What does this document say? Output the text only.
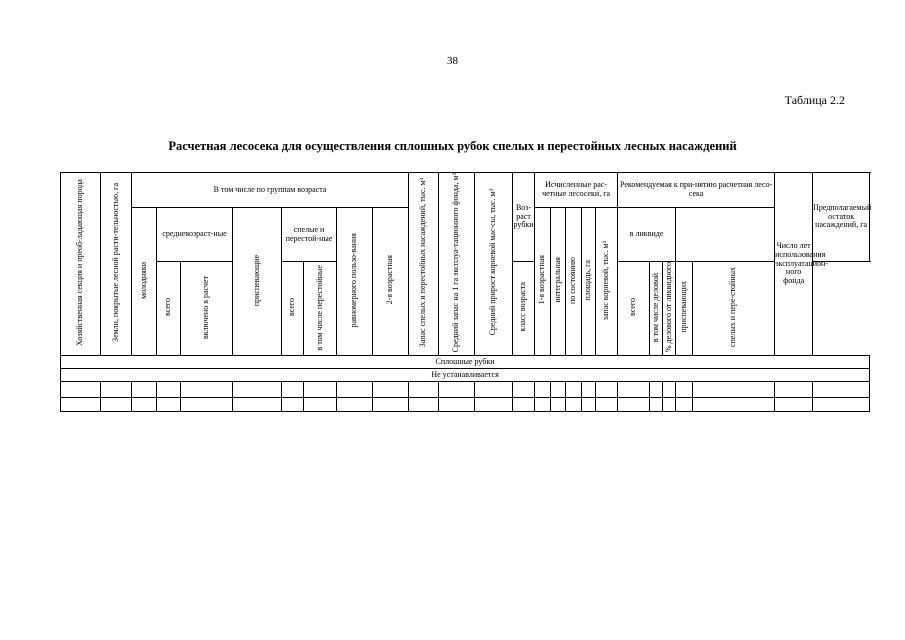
38
Таблица 2.2
Расчетная лесосека для осуществления сплошных рубок спелых и перестойных лесных насаждений
Хозяйственная секция и преоб-ладающая порода	Земли, покрытые лесной расти-тельностью, га	В том числе по группам возраста								Запас спелых и перестойных насаждений, тыс. м³	Средний запас на 1 га эксплуа-тационного фонда, м³	Средний прирост корневой мас-сы, тыс. м³	Воз-раст рубки	Исчисленные рас-четные лесосеки, га					Рекомендуемая к при-нятию расчетная лесо-сека					Число лет использования эксплуатацион-ного фонда	Предполагаемый остаток насаждений, га
		молодняки	средневозраст-ные		приспевающие	спелые и перестой-ные		равномерного пользо-вания	2-я возрастная					1-я возрастная	интегральная	по состоянию	площадь, га	запас корневой, тыс. м³	в ликвиде						
			всего	включено в расчет		всего	в том числе перестойные						класс возраста						всего	в том числе деловой	% делового от ликвидного	приспевающих	спелых и пере-стойных		
Сплошные рубки																									
Не устанавливается																									
